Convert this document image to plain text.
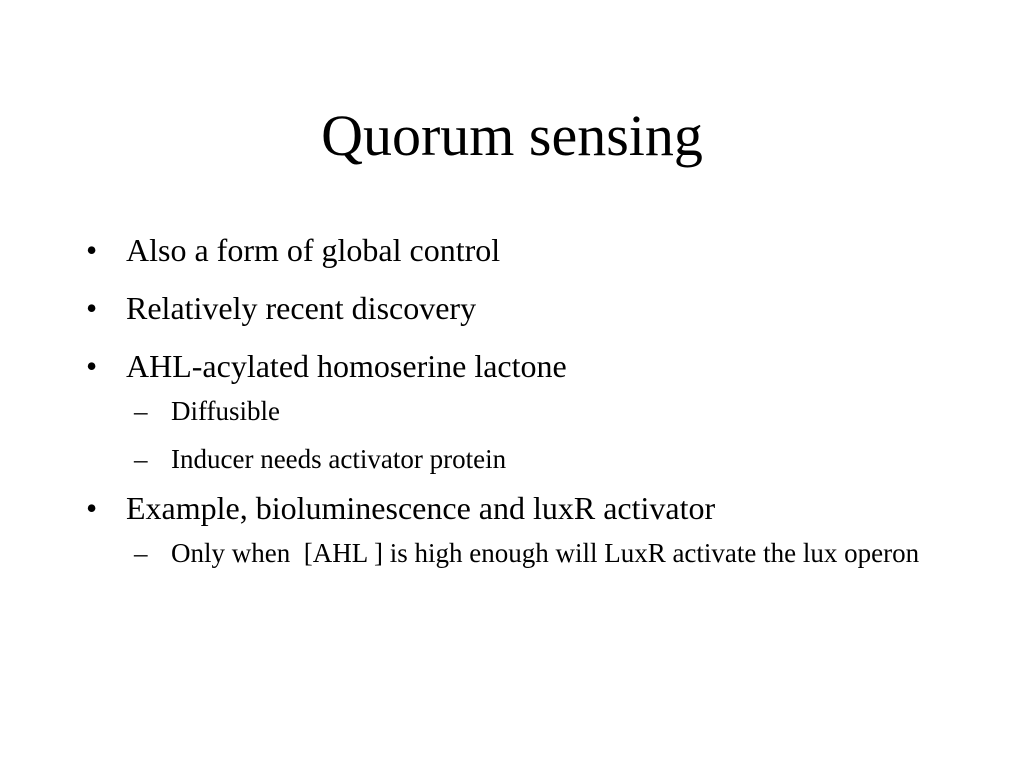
Quorum sensing
• Also a form of global control
• Relatively recent discovery
• AHL-acylated homoserine lactone
– Diffusible
– Inducer needs activator protein
• Example, bioluminescence and luxR activator
– Only when  [AHL ] is high enough will LuxR activate the lux operon
